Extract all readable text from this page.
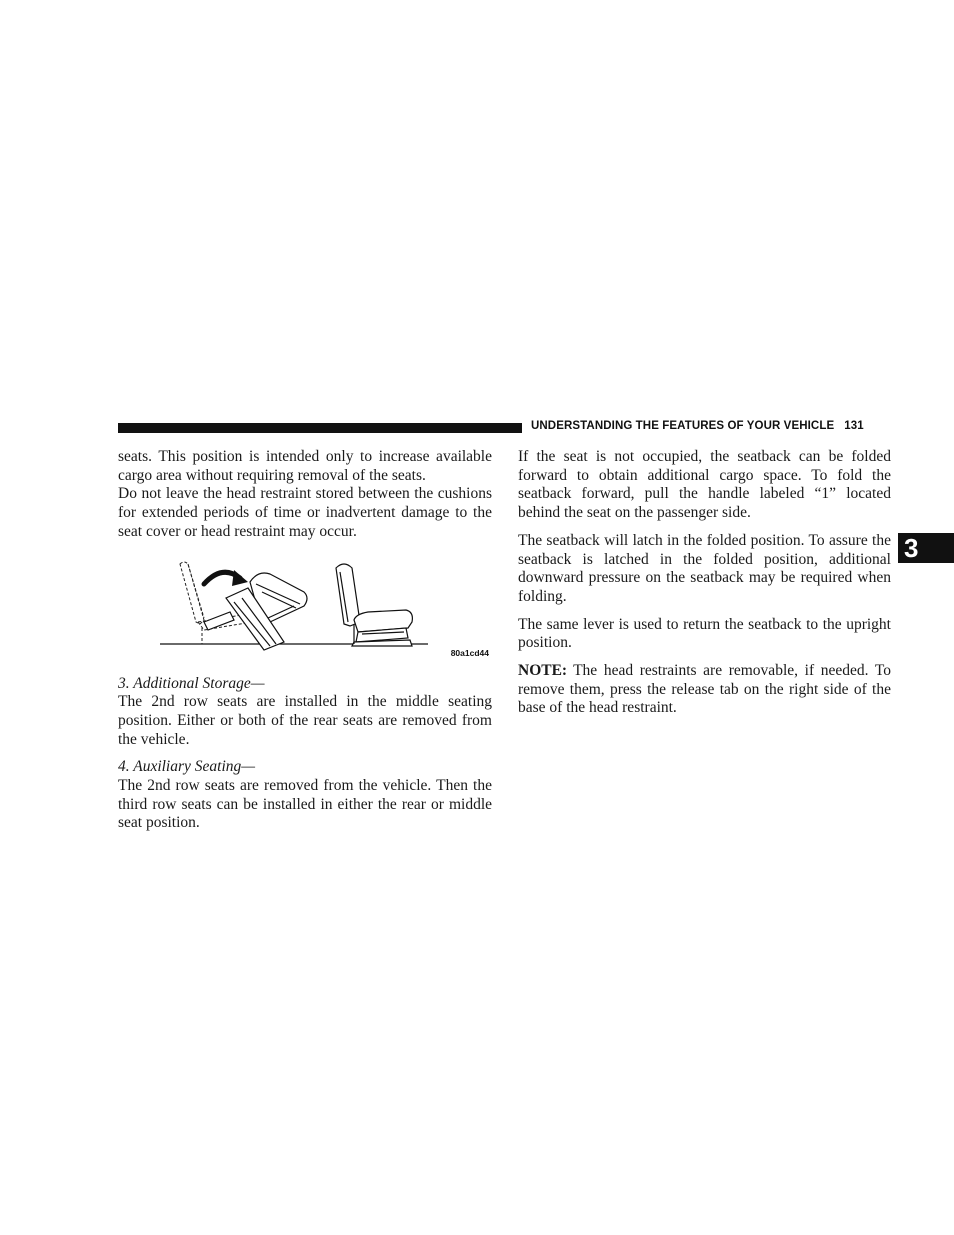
UNDERSTANDING THE FEATURES OF YOUR VEHICLE 131
3

seats. This position is intended only to increase available cargo area without requiring removal of the seats.

Do not leave the head restraint stored between the cushions for extended periods of time or inadvertent damage to the seat cover or head restraint may occur.

80a1cd44

3. Additional Storage—

The 2nd row seats are installed in the middle seating position. Either or both of the rear seats are removed from the vehicle.

4. Auxiliary Seating—

The 2nd row seats are removed from the vehicle. Then the third row seats can be installed in either the rear or middle seat position.

If the seat is not occupied, the seatback can be folded forward to obtain additional cargo space. To fold the seatback forward, pull the handle labeled “1” located behind the seat on the passenger side.

The seatback will latch in the folded position. To assure the seatback is latched in the folded position, additional downward pressure on the seatback may be required when folding.

The same lever is used to return the seatback to the upright position.

NOTE: The head restraints are removable, if needed. To remove them, press the release tab on the right side of the base of the head restraint.
